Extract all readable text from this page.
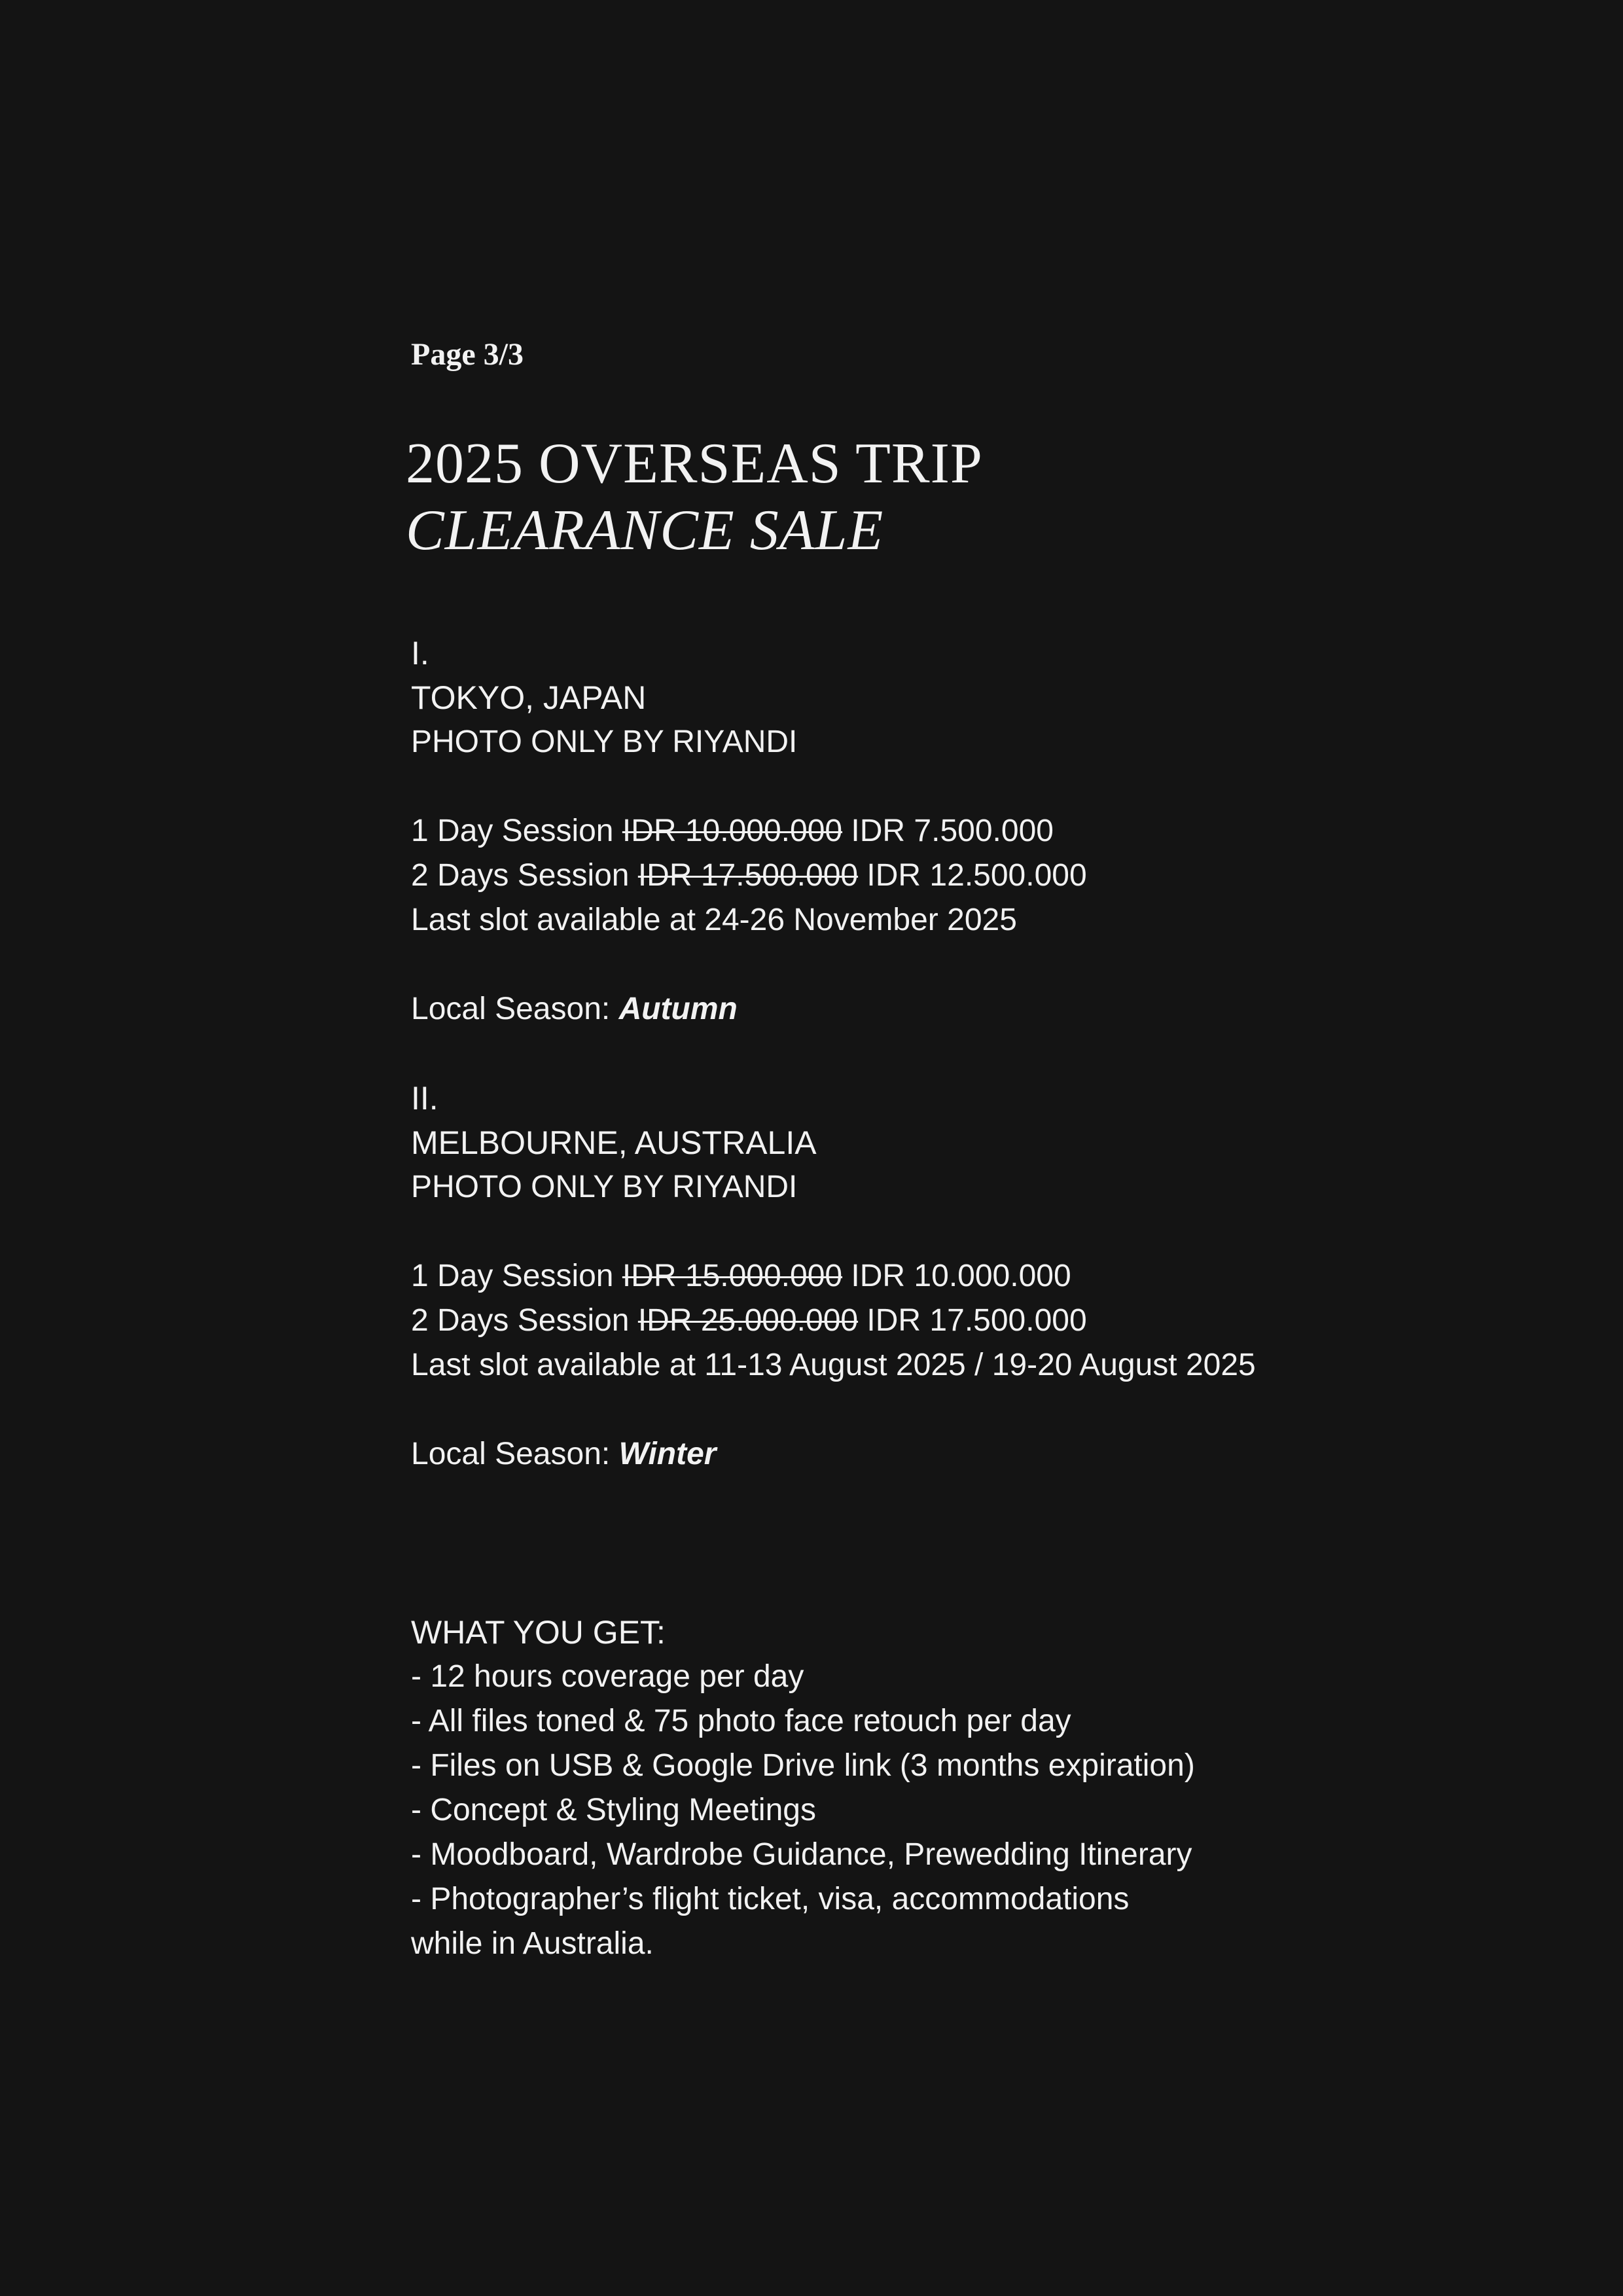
Page 3/3

2025 OVERSEAS TRIP
CLEARANCE SALE
I.
TOKYO, JAPAN
PHOTO ONLY BY RIYANDI
1 Day Session IDR 10.000.000 IDR 7.500.000
2 Days Session IDR 17.500.000 IDR 12.500.000
Last slot available at 24-26 November 2025
Local Season: Autumn
II.
MELBOURNE, AUSTRALIA
PHOTO ONLY BY RIYANDI
1 Day Session IDR 15.000.000 IDR 10.000.000
2 Days Session IDR 25.000.000 IDR 17.500.000
Last slot available at 11-13 August 2025 / 19-20 August 2025
Local Season: Winter
WHAT YOU GET:
- 12 hours coverage per day
- All files toned & 75 photo face retouch per day
- Files on USB & Google Drive link (3 months expiration)
- Concept & Styling Meetings
- Moodboard, Wardrobe Guidance, Prewedding Itinerary
- Photographer’s flight ticket, visa, accommodations
while in Australia.
